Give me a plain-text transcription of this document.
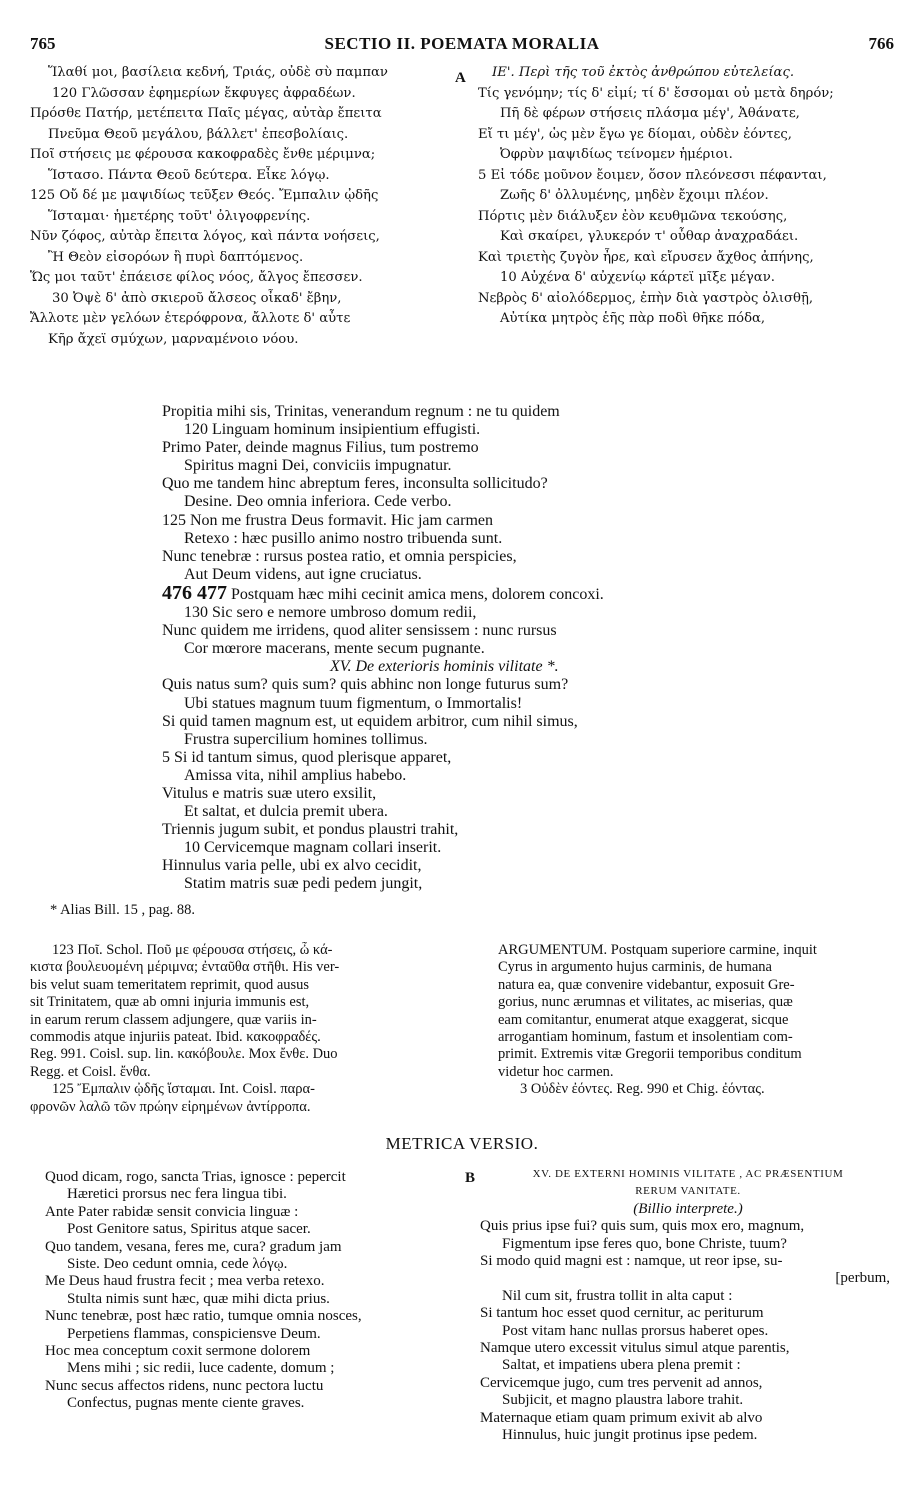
765	SECTIO II. POEMATA MORALIA	766
A
Ἵλαθί μοι, βασίλεια κεδνή, Τριάς, οὐδὲ σὺ παμπαν
120 Γλῶσσαν ἐφημερίων ἔκφυγες ἀφραδέων.
Πρόσθε Πατήρ, μετέπειτα Παῖς μέγας, αὐτὰρ ἔπειτα
Πνεῦμα Θεοῦ μεγάλου, βάλλετ' ἐπεσβολίαις.
Ποῖ στήσεις με φέρουσα κακοφραδὲς ἔνθε μέριμνα;
Ἵστασο. Πάντα Θεοῦ δεύτερα. Εἶκε λόγῳ.
125 Οὔ δέ με μαψιδίως τεῦξεν Θεός. Ἔμπαλιν ᾠδῆς
Ἵσταμαι· ἡμετέρης τοῦτ' ὀλιγοφρενίης.
Νῦν ζόφος, αὐτὰρ ἔπειτα λόγος, καὶ πάντα νοήσεις,
Ἢ Θεὸν εἰσορόων ἢ πυρὶ δαπτόμενος.
Ὥς μοι ταῦτ' ἐπάεισε φίλος νόος, ἄλγος ἔπεσσεν.
30 Ὀψὲ δ' ἀπὸ σκιεροῦ ἄλσεος οἶκαδ' ἔβην,
Ἄλλοτε μὲν γελόων ἑτερόφρονα, ἄλλοτε δ' αὖτε
Κῆρ ἄχεϊ σμύχων, μαρναμένοιο νόου.
ΙΕ'. Περὶ τῆς τοῦ ἐκτὸς ἀνθρώπου εὐτελείας.
Τίς γενόμην; τίς δ' εἰμί; τί δ' ἔσσομαι οὐ μετὰ δηρόν;
Πῆ δὲ φέρων στήσεις πλάσμα μέγ', Ἀθάνατε,
Εἴ τι μέγ', ὡς μὲν ἔγω γε δίομαι, οὐδὲν ἐόντες,
Ὀφρὺν μαψιδίως τείνομεν ἡμέριοι.
5 Εἰ τόδε μοῦνον ἔοιμεν, ὅσον πλεόνεσσι πέφανται,
Ζωῆς δ' ὀλλυμένης, μηδὲν ἔχοιμι πλέον.
Πόρτις μὲν διάλυξεν ἐὸν κευθμῶνα τεκούσης,
Καὶ σκαίρει, γλυκερόν τ' οὖθαρ ἀναχραδάει.
Καὶ τριετὴς ζυγὸν ἦρε, καὶ εἴρυσεν ἄχθος ἀπήνης,
10 Αὐχένα δ' αὐχενίῳ κάρτεϊ μῖξε μέγαν.
Νεβρὸς δ' αἰολόδερμος, ἐπὴν διὰ γαστρὸς ὀλισθῇ,
Αὐτίκα μητρὸς ἑῆς πὰρ ποδὶ θῆκε πόδα,
Propitia mihi sis, Trinitas, venerandum regnum : ne tu quidem
120 Linguam hominum insipientium effugisti.
Primo Pater, deinde magnus Filius, tum postremo
Spiritus magni Dei, conviciis impugnatur.
Quo me tandem hinc abreptum feres, inconsulta sollicitudo?
Desine. Deo omnia inferiora. Cede verbo.
125 Non me frustra Deus formavit. Hic jam carmen
Retexo : hæc pusillo animo nostro tribuenda sunt.
Nunc tenebræ : rursus postea ratio, et omnia perspicies,
Aut Deum videns, aut igne cruciatus.
476 477 Postquam hæc mihi cecinit amica mens, dolorem concoxi.
130 Sic sero e nemore umbroso domum redii,
Nunc quidem me irridens, quod aliter sensissem : nunc rursus
Cor mœrore macerans, mente secum pugnante.
XV. De exterioris hominis vilitate *.
Quis natus sum? quis sum? quis abhinc non longe futurus sum?
Ubi statues magnum tuum figmentum, o Immortalis!
Si quid tamen magnum est, ut equidem arbitror, cum nihil simus,
Frustra supercilium homines tollimus.
5 Si id tantum simus, quod plerisque apparet,
Amissa vita, nihil amplius habebo.
Vitulus e matris suæ utero exsilit,
Et saltat, et dulcia premit ubera.
Triennis jugum subit, et pondus plaustri trahit,
10 Cervicemque magnam collari inserit.
Hinnulus varia pelle, ubi ex alvo cecidit,
Statim matris suæ pedi pedem jungit,
* Alias Bill. 15 , pag. 88.
123 Ποῖ. Schol. Ποῦ με φέρουσα στήσεις, ὦ κά-
κιστα βουλευομένη μέριμνα; ἐνταῦθα στῆθι. His ver-
bis velut suam temeritatem reprimit, quod ausus
sit Trinitatem, quæ ab omni injuria immunis est,
in earum rerum classem adjungere, quæ variis in-
commodis atque injuriis pateat. Ibid. κακοφραδές.
Reg. 991. Coisl. sup. lin. κακόβουλε. Mox ἔνθε. Duo
Regg. et Coisl. ἔνθα.
125 Ἔμπαλιν ᾠδῆς ἵσταμαι. Int. Coisl. παρα-
φρονῶν λαλῶ τῶν πρώην εἰρημένων ἀντίρροπα.
ARGUMENTUM. Postquam superiore carmine, inquit
Cyrus in argumento hujus carminis, de humana
natura ea, quæ convenire videbantur, exposuit Gre-
gorius, nunc ærumnas et vilitates, ac miserias, quæ
eam comitantur, enumerat atque exaggerat, sicque
arrogantiam hominum, fastum et insolentiam com-
primit. Extremis vitæ Gregorii temporibus conditum
videtur hoc carmen.
3 Οὐδὲν ἐόντες. Reg. 990 et Chig. ἐόντας.
METRICA VERSIO.
B
Quod dicam, rogo, sancta Trias, ignosce : pepercit
Hæretici prorsus nec fera lingua tibi.
Ante Pater rabidæ sensit convicia linguæ :
Post Genitore satus, Spiritus atque sacer.
Quo tandem, vesana, feres me, cura? gradum jam
Siste. Deo cedunt omnia, cede λόγῳ.
Me Deus haud frustra fecit ; mea verba retexo.
Stulta nimis sunt hæc, quæ mihi dicta prius.
Nunc tenebræ, post hæc ratio, tumque omnia nosces,
Perpetiens flammas, conspiciensve Deum.
Hoc mea conceptum coxit sermone dolorem
Mens mihi ; sic redii, luce cadente, domum ;
Nunc secus affectos ridens, nunc pectora luctu
Confectus, pugnas mente ciente graves.
XV. DE EXTERNI HOMINIS VILITATE , AC PRÆSENTIUM
RERUM VANITATE.
(Billio interprete.)
Quis prius ipse fui? quis sum, quis mox ero, magnum,
Figmentum ipse feres quo, bone Christe, tuum?
Si modo quid magni est : namque, ut reor ipse, su-
[perbum,
Nil cum sit, frustra tollit in alta caput :
Si tantum hoc esset quod cernitur, ac periturum
Post vitam hanc nullas prorsus haberet opes.
Namque utero excessit vitulus simul atque parentis,
Saltat, et impatiens ubera plena premit :
Cervicemque jugo, cum tres pervenit ad annos,
Subjicit, et magno plaustra labore trahit.
Maternaque etiam quam primum exivit ab alvo
Hinnulus, huic jungit protinus ipse pedem.
